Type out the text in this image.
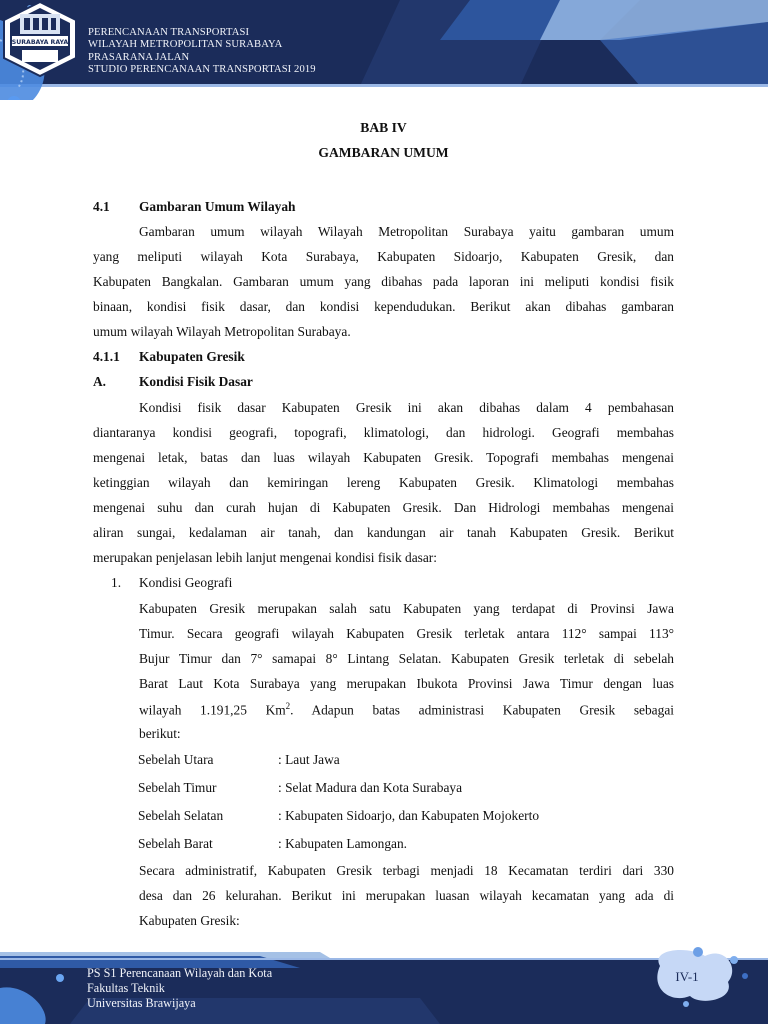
PERENCANAAN TRANSPORTASI
WILAYAH METROPOLITAN SURABAYA
PRASARANA JALAN
STUDIO PERENCANAAN TRANSPORTASI 2019
SURABAYA RAYA
BAB IV
GAMBARAN UMUM
4.1 Gambaran Umum Wilayah
Gambaran umum wilayah Wilayah Metropolitan Surabaya yaitu gambaran umum
yang meliputi wilayah Kota Surabaya, Kabupaten Sidoarjo, Kabupaten Gresik, dan
Kabupaten Bangkalan. Gambaran umum yang dibahas pada laporan ini meliputi kondisi fisik
binaan, kondisi fisik dasar, dan kondisi kependudukan. Berikut akan dibahas gambaran
umum wilayah Wilayah Metropolitan Surabaya.
4.1.1 Kabupaten Gresik
A. Kondisi Fisik Dasar
Kondisi fisik dasar Kabupaten Gresik ini akan dibahas dalam 4 pembahasan
diantaranya kondisi geografi, topografi, klimatologi, dan hidrologi. Geografi membahas
mengenai letak, batas dan luas wilayah Kabupaten Gresik. Topografi membahas mengenai
ketinggian wilayah dan kemiringan lereng Kabupaten Gresik. Klimatologi membahas
mengenai suhu dan curah hujan di Kabupaten Gresik. Dan Hidrologi membahas mengenai
aliran sungai, kedalaman air tanah, dan kandungan air tanah Kabupaten Gresik. Berikut
merupakan penjelasan lebih lanjut mengenai kondisi fisik dasar:
1. Kondisi Geografi
Kabupaten Gresik merupakan salah satu Kabupaten yang terdapat di Provinsi Jawa
Timur. Secara geografi wilayah Kabupaten Gresik terletak antara 112° sampai 113°
Bujur Timur dan 7° samapai 8° Lintang Selatan. Kabupaten Gresik terletak di sebelah
Barat Laut Kota Surabaya yang merupakan Ibukota Provinsi Jawa Timur dengan luas
wilayah 1.191,25 Km$^2$. Adapun batas administrasi Kabupaten Gresik sebagai
berikut:
Sebelah Utara	: Laut Jawa
Sebelah Timur	: Selat Madura dan Kota Surabaya
Sebelah Selatan	: Kabupaten Sidoarjo, dan Kabupaten Mojokerto
Sebelah Barat	: Kabupaten Lamongan.
Secara administratif, Kabupaten Gresik terbagi menjadi 18 Kecamatan terdiri dari 330
desa dan 26 kelurahan. Berikut ini merupakan luasan wilayah kecamatan yang ada di
Kabupaten Gresik:
PS S1 Perencanaan Wilayah dan Kota
Fakultas Teknik
Universitas Brawijaya
IV-1
